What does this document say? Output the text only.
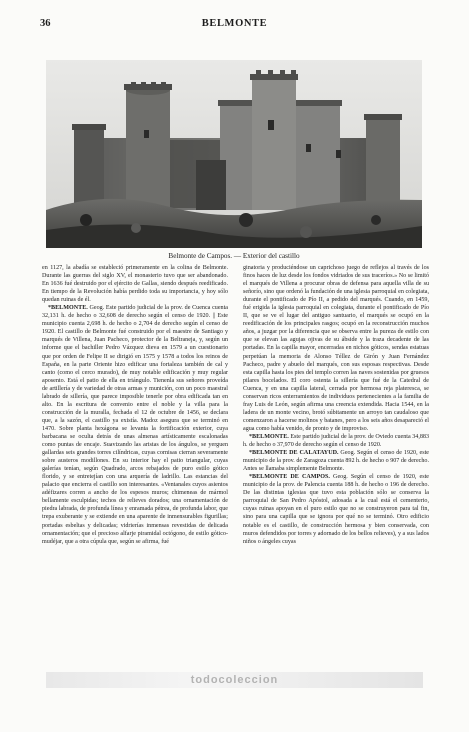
36	BELMONTE
Belmonte de Campos. — Exterior del castillo

en 1127, la abadía se estableció primeramente en la colina de Belmonte. Durante las guerras del siglo XV, el monasterio tuvo que ser abandonado. En 1636 fué destruido por el ejército de Gallas, siendo después reedificado. En tiempo de la Revolución había perdido toda su importancia, y hoy sólo quedan ruinas de él.

*BELMONTE. Geog. Este partido judicial de la prov. de Cuenca cuenta 32,131 h. de hecho o 32,608 de derecho según el censo de 1920. || Este municipio cuenta 2,698 h. de hecho o 2,704 de derecho según el censo de 1920. El castillo de Belmonte fué construido por el maestre de Santiago y marqués de Villena, Juan Pacheco, protector de la Beltraneja, y, según un informe que el bachiller Pedro Vázquez dieva en 1579 a un cuestionario que por orden de Felipe II se dirigió en 1575 y 1578 a todos los reinos de España, en la parte Oriente hizo edificar una fortaleza también de cal y canto (como el cerco murado), de muy notable edificación y muy regular aposento. Está el patio de ella en triángulo. Tienenla sus señores proveída de artillería y de variedad de otras armas y munición, con un poco maestral labrado de sillería, que parece imposible tenerle por obra edificada tan en alto. En la escritura de convenio entre el noble y la villa para la construcción de la muralla, fechada el 12 de octubre de 1456, se declara que, a la sazón, el castillo ya existía. Madoz asegura que se terminó en 1470. Sobre planta hexágona se levanta la fortificación exterior, cuya barbacana se oculta detrás de unas almenas artísticamente escalonadas como puntas de encaje. Suavizando las aristas de los ángulos, se yerguen gallardas seis grandes torres cilíndricas, cuyas cornisas cierran severamente sobre austeros modillones. En su interior hay el patio triangular, cuyas galerías tenían, según Quadrado, arcos rebajados de puro estilo gótico florido, y se entretejían con una arquería de ladrillo. Las estancias del palacio que encierra el castillo son interesantes. «Ventanales cuyos asientos adéfizares corren a ancho de los espesos muros; chimeneas de mármol bellamente esculpidas; techos de relieves dorados; una ornamentación de piedra labrada, de profunda línea y enramada pétrea, de profunda labor, que trepa exuberante y se extiende en una aparente de inmensurables figurillas; portadas esbeltas y delicadas; vidrierías inmensas revestidas de delicada ornamentación; que el precioso alfarje piramidal octógono, de estilo gótico-mudéjar, que a otra cúpula que, según se afirma, fué

ginatoria y produciéndose un caprichoso juego de reflejos al través de los finos haces de luz desde los fondos vidriados de sus traceríos.» No se limitó el marqués de Villena a procurar obras de defensa para aquella villa de su señorío, sino que ordenó la fundación de una iglesia parroquial en colegiata, durante el pontificado de Pío II, a pedido del marqués. Cuando, en 1459, fué erigida la iglesia parroquial en colegiata, durante el pontificado de Pío II, que se ve el lugar del antiguo santuario, el marqués se ocupó en la reedificación de los principales rasgos; ocupó en la reconstrucción muchos años, a juzgar por la diferencia que se observa entre la pureza de estilo con que se elevan las agujas ojivas de su ábside y la traza decadente de las portadas. En la capilla mayor, encerradas en nichos góticos, sendas estatuas perpetúan la memoria de Alonso Téllez de Girón y Juan Fernández Pacheco, padre y abuelo del marqués, con sus esposas respectivas. Desde esta capilla hasta los pies del templo corren las naves sostenidas por gruesos pilares bocelados. El coro ostenta la sillería que fué de la Catedral de Cuenca, y en una capilla lateral, cerrada por hermosa reja plateresca, se conservan ricos enterramientos de individuos pertenecientes a la familia de fray Luis de León, según afirma una creencia extendida. Hacia 1544, en la ladera de un monte vecino, brotó súbitamente un arroyo tan caudaloso que comenzaron a hacerse molinos y batanes, pero a los seis años desapareció el agua como había venido, de pronto y de improviso.

*BELMONTE. Este partido judicial de la prov. de Oviedo cuenta 34,883 h. de hecho o 37,970 de derecho según el censo de 1920.

*BELMONTE DE CALATAYUD. Geog. Según el censo de 1920, este municipio de la prov. de Zaragoza cuenta 892 h. de hecho o 907 de derecho. Antes se llamaba simplemente Belmonte.

*BELMONTE DE CAMPOS. Geog. Según el censo de 1920, este municipio de la prov. de Palencia cuenta 188 h. de hecho o 196 de derecho. De las distintas iglesias que tuvo esta población sólo se conserva la parroquial de San Pedro Apóstol, adosada a la cual está el cementerio, cuyas ruinas apoyan en el puro estilo que no se construyeron para tal fin, sino para una capilla que se ignora por qué no se terminó. Otro edificio notable es el castillo, de construcción hermosa y bien conservada, con muros defendidos por torres y adornado de los bellos relieves), y a sus lados niños o ángeles cuyas

todocoleccion
